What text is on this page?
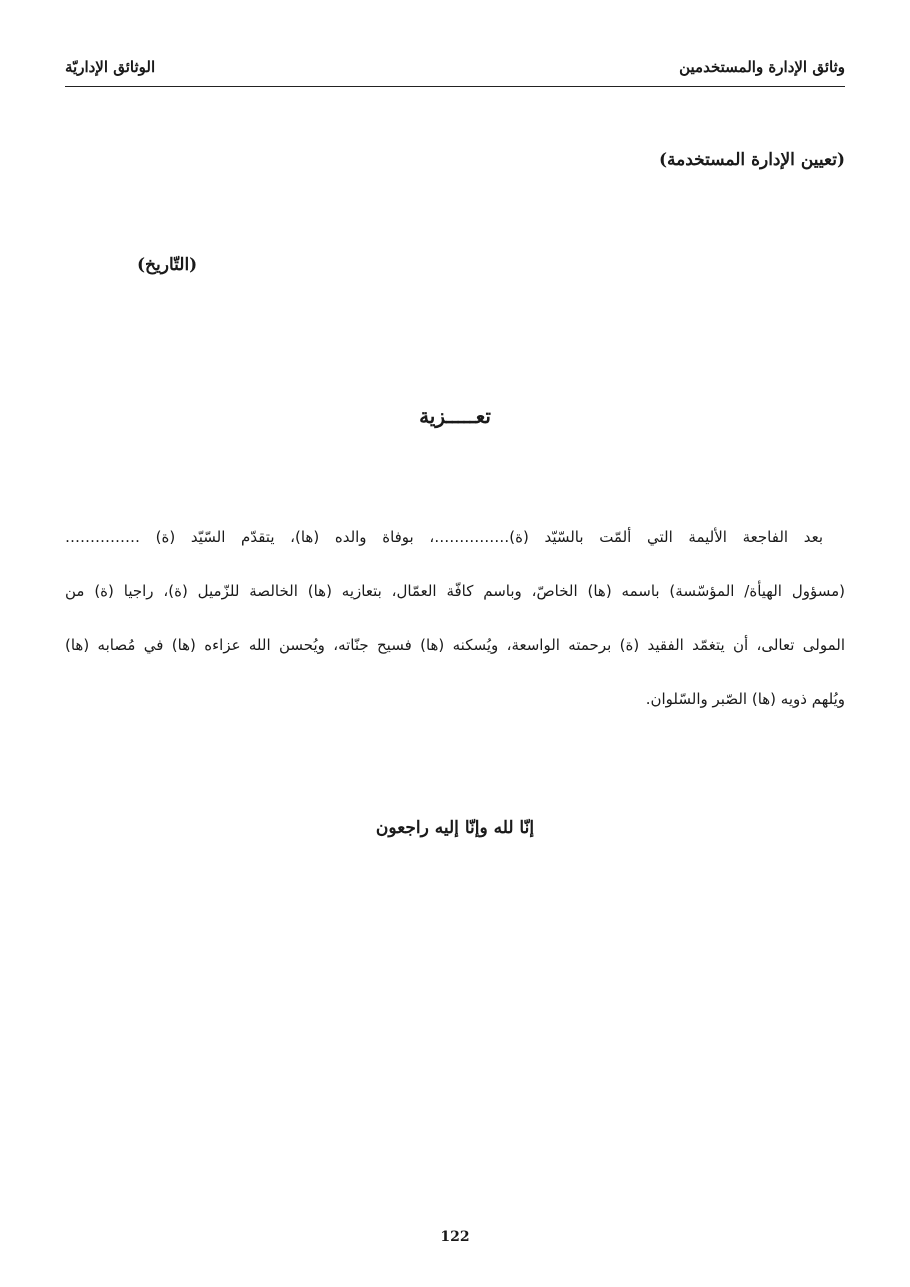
وثائق الإدارة والمستخدمين
الوثائق الإداريّة
(تعيين الإدارة المستخدمة)
(التّاريخ)
تعـــــزية
بعد الفاجعة الأليمة التي ألمّت بالسّيّد (ة)……………، بوفاة والده (ها)، يتقدّم السّيّد (ة) ……………
(مسؤول الهيأة/ المؤسّسة) باسمه (ها) الخاصّ، وباسم كافّة العمّال، بتعازيه (ها) الخالصة للزّميل (ة)، راجيا (ة) من
المولى تعالى، أن يتغمّد الفقيد (ة) برحمته الواسعة، ويُسكنه (ها) فسيح جنّاته، ويُحسن الله عزاءه (ها) في مُصابه (ها)
ويُلهم ذويه (ها) الصّبر والسّلوان.
إنّا لله وإنّا إليه راجعون
122
